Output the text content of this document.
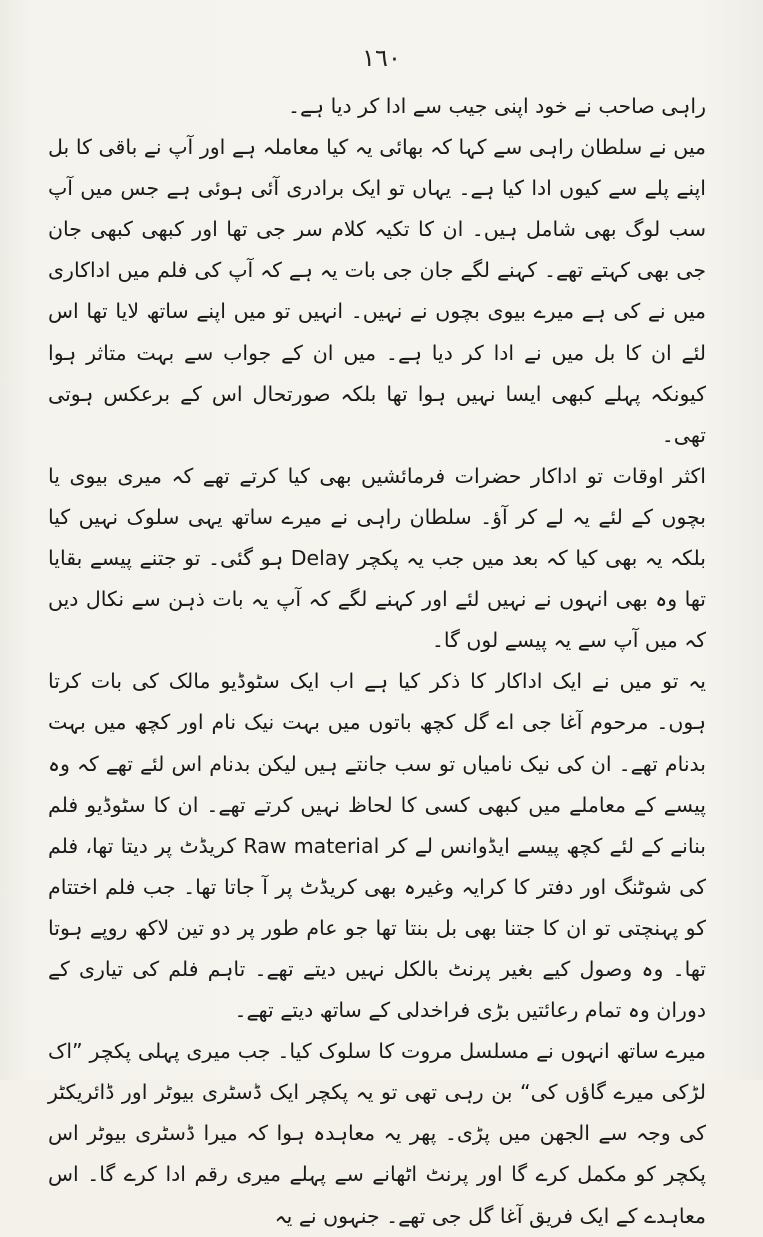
١٦٠

راہی صاحب نے خود اپنی جیب سے ادا کر دیا ہے۔

میں نے سلطان راہی سے کہا کہ بھائی یہ کیا معاملہ ہے اور آپ نے باقی کا بل اپنے پلے سے کیوں ادا کیا ہے۔ یہاں تو ایک برادری آئی ہوئی ہے جس میں آپ سب لوگ بھی شامل ہیں۔ ان کا تکیہ کلام سر جی تھا اور کبھی کبھی جان جی بھی کہتے تھے۔ کہنے لگے جان جی بات یہ ہے کہ آپ کی فلم میں اداکاری میں نے کی ہے میرے بیوی بچوں نے نہیں۔ انہیں تو میں اپنے ساتھ لایا تھا اس لئے ان کا بل میں نے ادا کر دیا ہے۔ میں ان کے جواب سے بہت متاثر ہوا کیونکہ پہلے کبھی ایسا نہیں ہوا تھا بلکہ صورتحال اس کے برعکس ہوتی تھی۔

اکثر اوقات تو اداکار حضرات فرمائشیں بھی کیا کرتے تھے کہ میری بیوی یا بچوں کے لئے یہ لے کر آؤ۔ سلطان راہی نے میرے ساتھ یہی سلوک نہیں کیا بلکہ یہ بھی کیا کہ بعد میں جب یہ پکچر Delay ہو گئی۔ تو جتنے پیسے بقایا تھا وہ بھی انہوں نے نہیں لئے اور کہنے لگے کہ آپ یہ بات ذہن سے نکال دیں کہ میں آپ سے یہ پیسے لوں گا۔

یہ تو میں نے ایک اداکار کا ذکر کیا ہے اب ایک سٹوڈیو مالک کی بات کرتا ہوں۔ مرحوم آغا جی اے گل کچھ باتوں میں بہت نیک نام اور کچھ میں بہت بدنام تھے۔ ان کی نیک نامیاں تو سب جانتے ہیں لیکن بدنام اس لئے تھے کہ وہ پیسے کے معاملے میں کبھی کسی کا لحاظ نہیں کرتے تھے۔ ان کا سٹوڈیو فلم بنانے کے لئے کچھ پیسے ایڈوانس لے کر Raw material کریڈٹ پر دیتا تھا، فلم کی شوٹنگ اور دفتر کا کرایہ وغیرہ بھی کریڈٹ پر آ جاتا تھا۔ جب فلم اختتام کو پہنچتی تو ان کا جتنا بھی بل بنتا تھا جو عام طور پر دو تین لاکھ روپے ہوتا تھا۔ وہ وصول کیے بغیر پرنٹ بالکل نہیں دیتے تھے۔ تاہم فلم کی تیاری کے دوران وہ تمام رعائتیں بڑی فراخدلی کے ساتھ دیتے تھے۔

میرے ساتھ انہوں نے مسلسل مروت کا سلوک کیا۔ جب میری پہلی پکچر ”اک لڑکی میرے گاؤں کی“ بن رہی تھی تو یہ پکچر ایک ڈسٹری بیوٹر اور ڈائریکٹر کی وجہ سے الجھن میں پڑی۔ پھر یہ معاہدہ ہوا کہ میرا ڈسٹری بیوٹر اس پکچر کو مکمل کرے گا اور پرنٹ اٹھانے سے پہلے میری رقم ادا کرے گا۔ اس معاہدے کے ایک فریق آغا گل جی تھے۔ جنہوں نے یہ
